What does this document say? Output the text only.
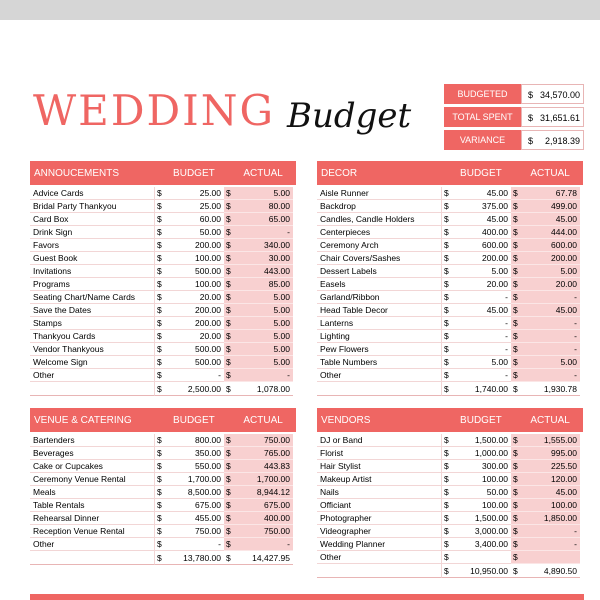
WEDDING Budget
BUDGETED	$ 34,570.00
TOTAL SPENT	$ 31,651.61
VARIANCE	$	2,918.39
ANNOUCEMENTS	BUDGET	ACTUAL
Advice Cards	$	25.00 $	5.00
Bridal Party Thankyou	$	25.00 $	80.00
Card Box	$	60.00 $	65.00
Drink Sign	$	50.00 $	-
Favors	$	200.00 $	340.00
Guest Book	$	100.00 $	30.00
Invitations	$	500.00 $	443.00
Programs	$	100.00 $	85.00
Seating Chart/Name Cards	$	20.00 $	5.00
Save the Dates	$	200.00 $	5.00
Stamps	$	200.00 $	5.00
Thankyou Cards	$	20.00 $	5.00
Vendor Thankyous	$	500.00 $	5.00
Welcome Sign	$	500.00 $	5.00
Other	$	- $	-
$	2,500.00 $	1,078.00
DECOR	BUDGET	ACTUAL
Aisle Runner	$	45.00 $	67.78
Backdrop	$	375.00 $	499.00
Candles, Candle Holders	$	45.00 $	45.00
Centerpieces	$	400.00 $	444.00
Ceremony Arch	$	600.00 $	600.00
Chair Covers/Sashes	$	200.00 $	200.00
Dessert Labels	$	5.00 $	5.00
Easels	$	20.00 $	20.00
Garland/Ribbon	$	- $	-
Head Table Decor	$	45.00 $	45.00
Lanterns	$	- $	-
Lighting	$	- $	-
Pew Flowers	$	- $	-
Table Numbers	$	5.00 $	5.00
Other	$	- $	-
$	1,740.00 $	1,930.78
VENUE & CATERING	BUDGET	ACTUAL
Bartenders	$	800.00 $	750.00
Beverages	$	350.00 $	765.00
Cake or Cupcakes	$	550.00 $	443.83
Ceremony Venue Rental	$	1,700.00 $	1,700.00
Meals	$	8,500.00 $	8,944.12
Table Rentals	$	675.00 $	675.00
Rehearsal Dinner	$	455.00 $	400.00
Reception Venue Rental	$	750.00 $	750.00
Other	$	- $	-
$	13,780.00 $	14,427.95
VENDORS	BUDGET	ACTUAL
DJ or Band	$	1,500.00 $	1,555.00
Florist	$	1,000.00 $	995.00
Hair Stylist	$	300.00 $	225.50
Makeup Artist	$	100.00 $	120.00
Nails	$	50.00 $	45.00
Officiant	$	100.00 $	100.00
Photographer	$	1,500.00 $	1,850.00
Videographer	$	3,000.00 $	-
Wedding Planner	$	3,400.00 $	-
Other	$	$
$	10,950.00 $	4,890.50
